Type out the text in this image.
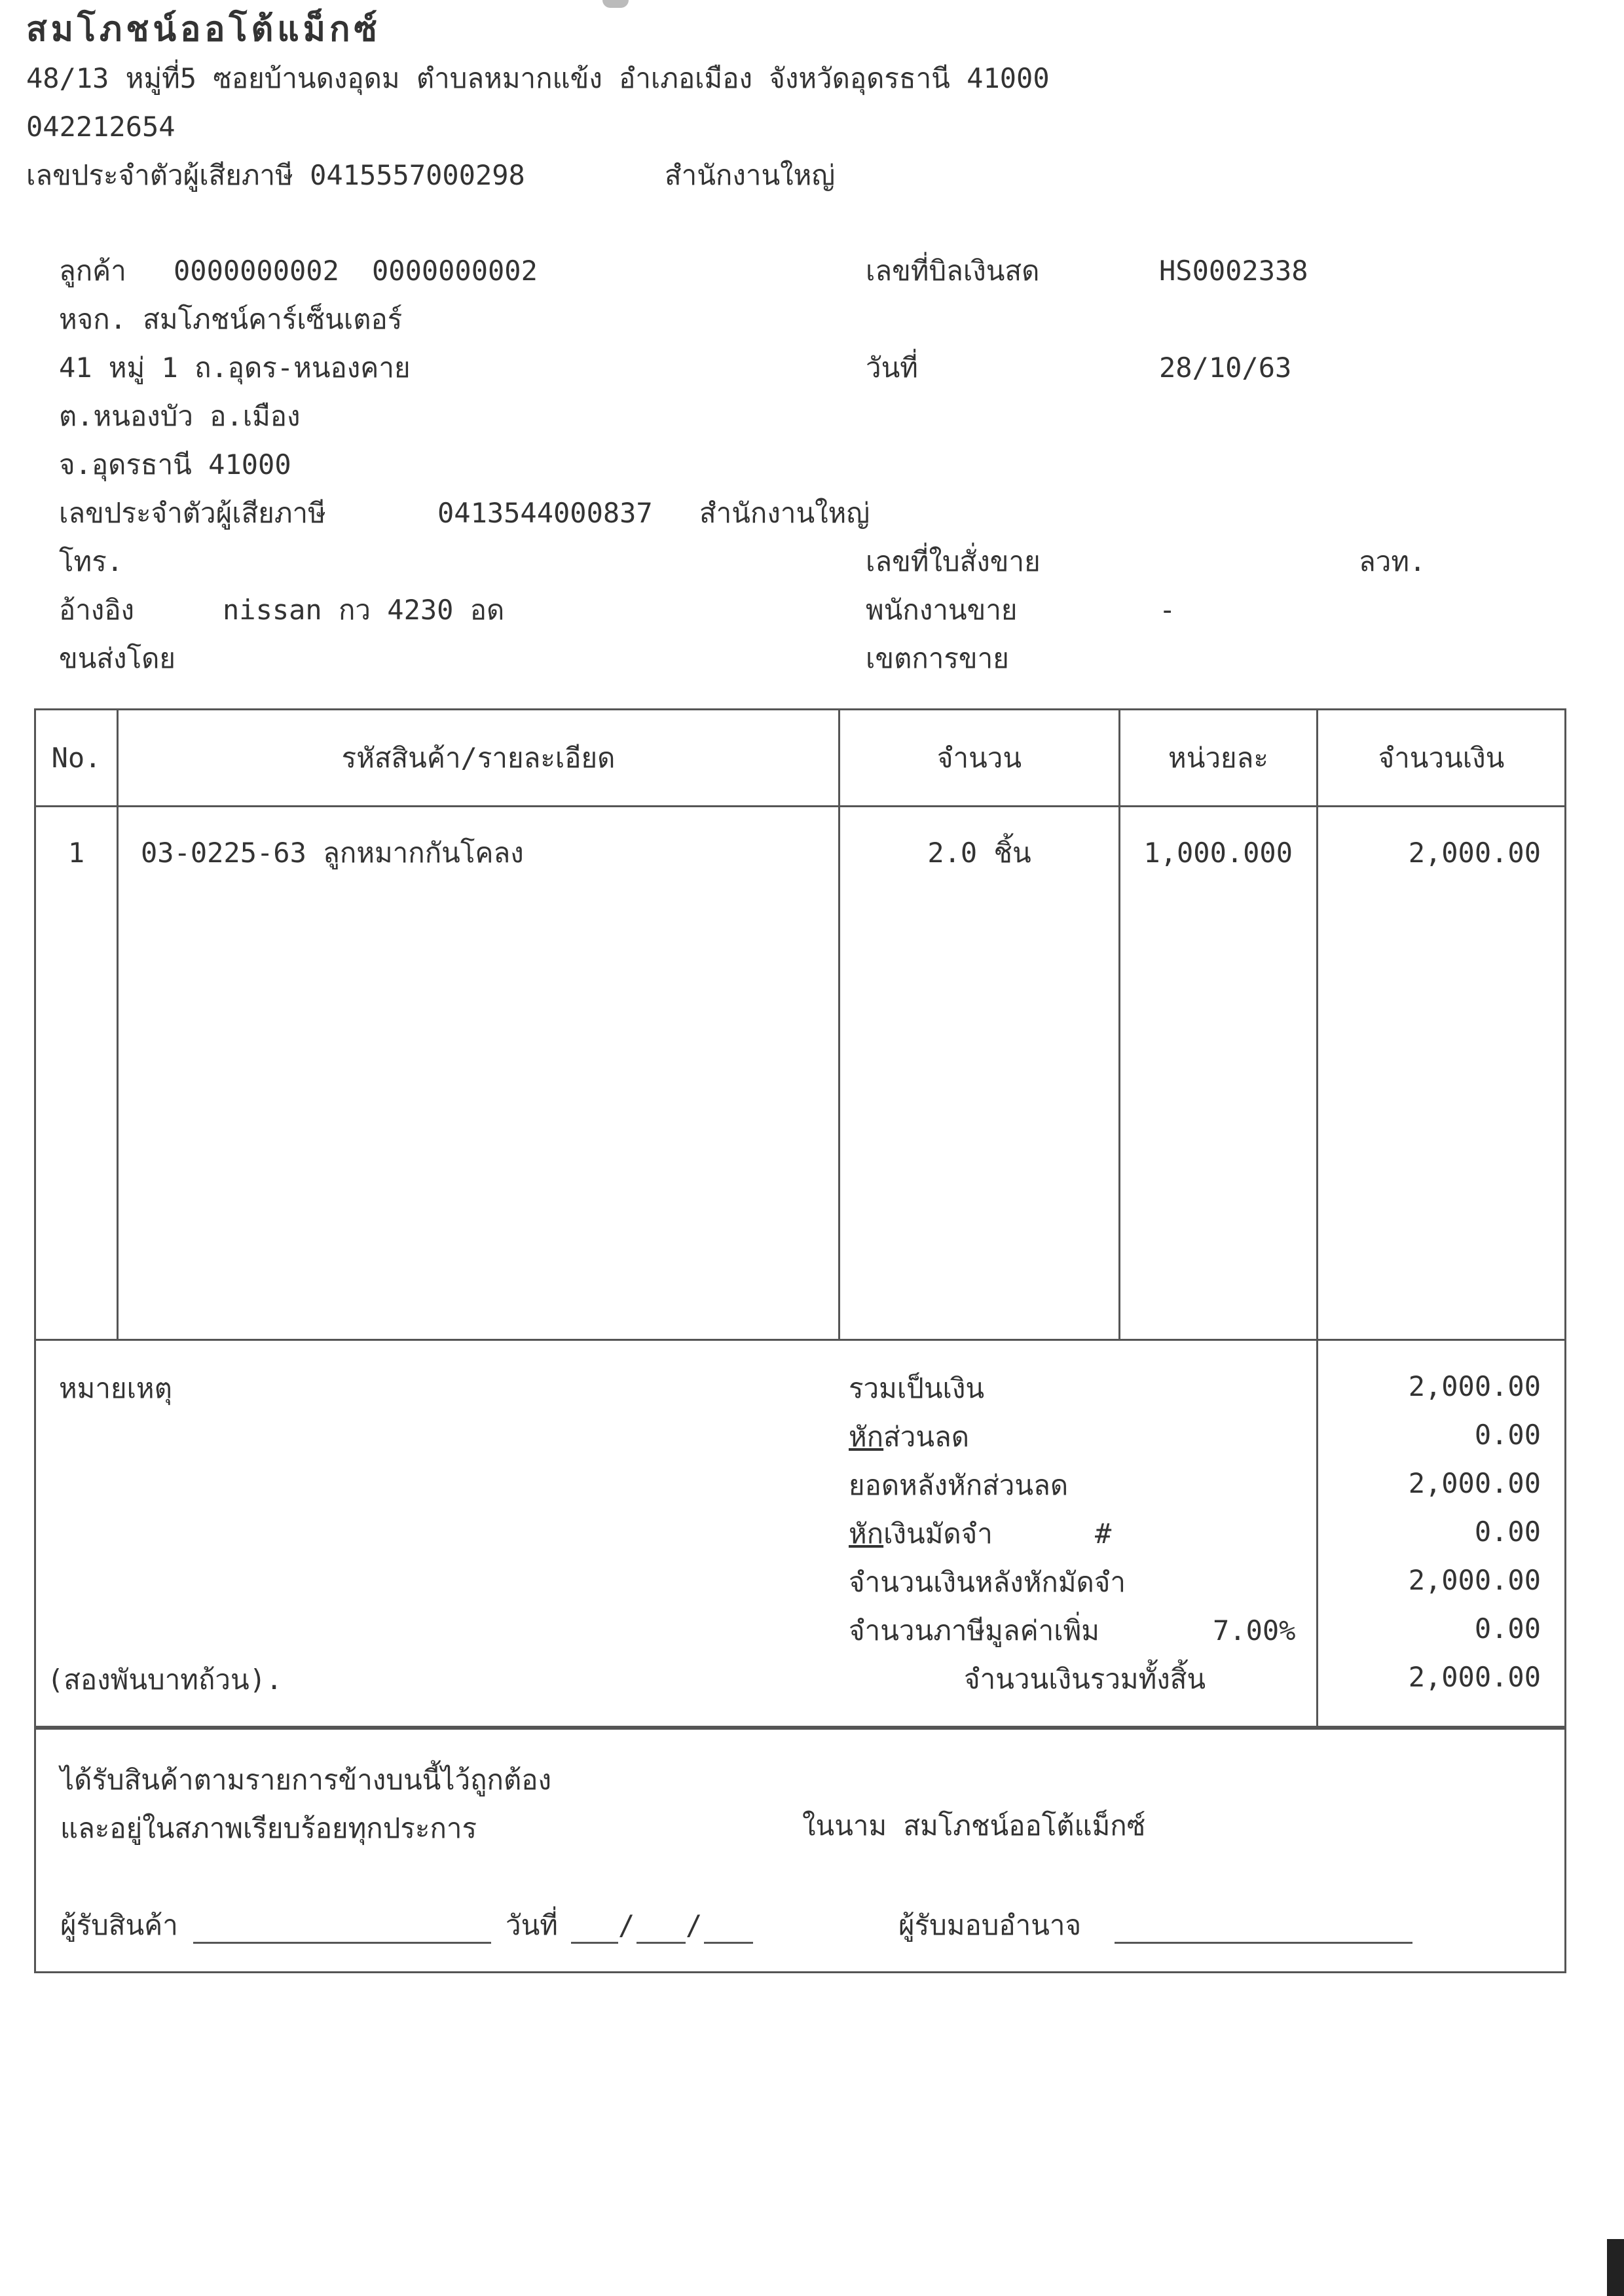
สมโภชน์ออโต้แม็กซ์
48/13 หมู่ที่5 ซอยบ้านดงอุดม ตำบลหมากแข้ง อำเภอเมือง จังหวัดอุดรธานี 41000
042212654
เลขประจำตัวผู้เสียภาษี 0415557000298	สำนักงานใหญ่
ลูกค้า 0000000002 0000000002
หจก. สมโภชน์คาร์เซ็นเตอร์
41 หมู่ 1 ถ.อุดร-หนองคาย
ต.หนองบัว อ.เมือง
จ.อุดรธานี 41000
เลขประจำตัวผู้เสียภาษี	0413544000837 สำนักงานใหญ่
โทร.
อ้างอิง	nissan กว 4230 อด
ขนส่งโดย
เลขที่บิลเงินสด	HS0002338
วันที่	28/10/63
เลขที่ใบสั่งขาย	ลวท.
พนักงานขาย	-
เขตการขาย
No.	รหัสสินค้า/รายละเอียด	จำนวน	หน่วยละ	จำนวนเงิน
1	03-0225-63 ลูกหมากกันโคลง	2.0 ชิ้น	1,000.000	2,000.00
หมายเหตุ
(สองพันบาทถ้วน).
รวมเป็นเงิน	2,000.00
หักส่วนลด	0.00
ยอดหลังหักส่วนลด	2,000.00
หักเงินมัดจำ	#	0.00
จำนวนเงินหลังหักมัดจำ	2,000.00
จำนวนภาษีมูลค่าเพิ่ม	7.00%	0.00
จำนวนเงินรวมทั้งสิ้น	2,000.00
ได้รับสินค้าตามรายการข้างบนนี้ไว้ถูกต้อง
และอยู่ในสภาพเรียบร้อยทุกประการ	ในนาม สมโภชน์ออโต้แม็กซ์
ผู้รับสินค้า	วันที่ / /	ผู้รับมอบอำนาจ
